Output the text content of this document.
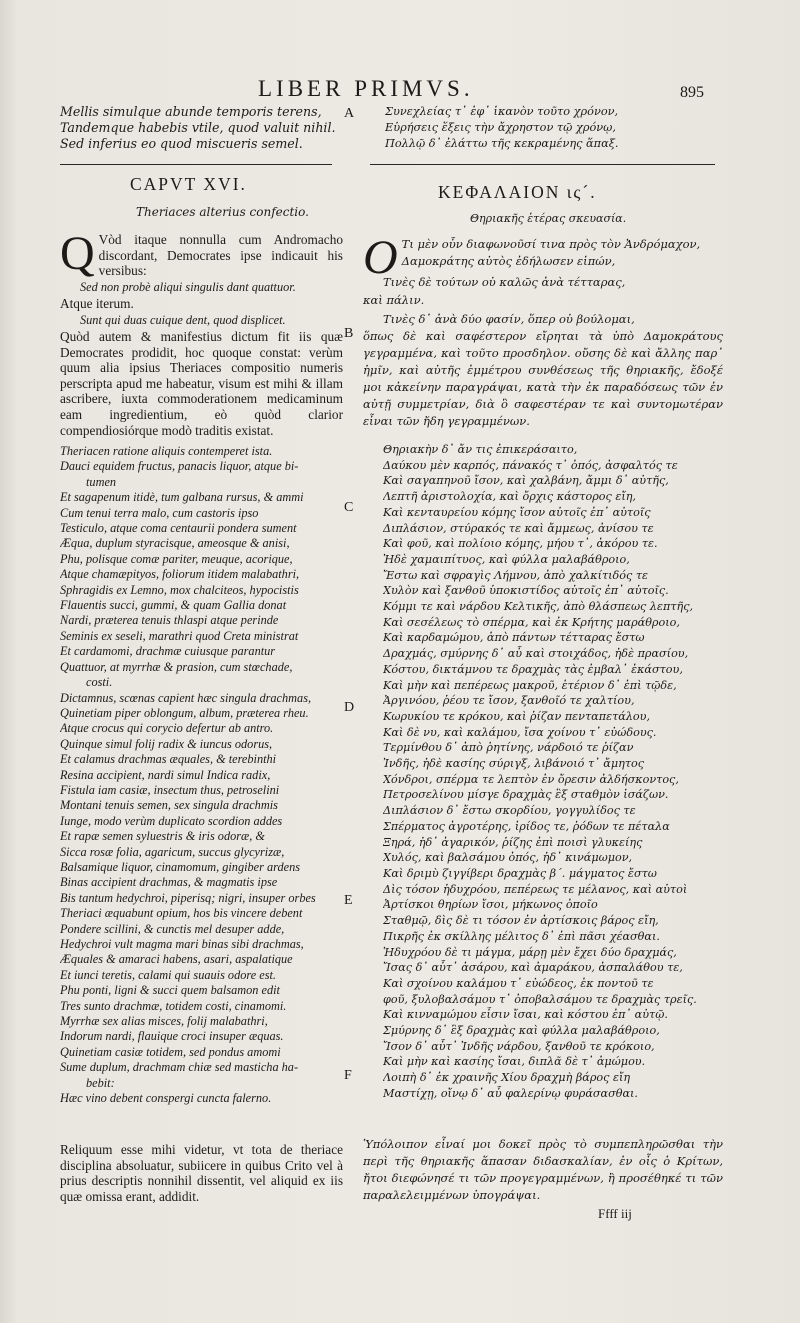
LIBER PRIMVS.	895
Mellis simulque abunde temporis terens,
Tandemque habebis vtile, quod valuit nihil.
Sed inferius eo quod miscueris semel.
Συνεχλείας τ᾽ ἐφ᾽ ἱκανὸν τοῦτο χρόνον,
Εὑρήσεις ἕξεις τὴν ἄχρηστον τῷ χρόνῳ,
Πολλῷ δ᾽ ἐλάττω τῆς κεκραμένης ἅπαξ.
CAPVT XVI.
Theriaces alterius confectio.
Q Vòd itaque nonnulla cum Andromacho discordant, Democrates ipse indicauit his versibus:
Sed non probè aliqui singulis dant quattuor.
Atque iterum.
Sunt qui duas cuique dent, quod displicet.
Quòd autem & manifestius dictum fit iis quæ Democrates prodidit, hoc quoque constat: verùm quum alia ipsius Theriaces compositio numeris perscripta apud me habeatur, visum est mihi & illam ascribere, iuxta commoderationem medicaminum eam ingredientium, eò quòd clarior compendiosiórque modò traditis existat.
Theriacen ratione aliquis contemperet ista.
Dauci equidem fructus, panacis liquor, atque bi-
tumen
Et sagapenum itidè, tum galbana rursus, & ammi
Cum tenui terra malo, cum castoris ipso
Testiculo, atque coma centaurii pondera sument
Æqua, duplum styracisque, ameosque & anisi,
Phu, polisque comæ pariter, meuque, acorique,
Atque chamæpityos, foliorum itidem malabathri,
Sphragidis ex Lemno, mox chalciteos, hypocistis
Flauentis succi, gummi, & quam Gallia donat
Nardi, præterea tenuis thlaspi atque perinde
Seminis ex seseli, marathri quod Creta ministrat
Et cardamomi, drachmæ cuiusque parantur
Quattuor, at myrrhæ & prasion, cum stœchade,
costi.
Dictamnus, scœnas capient hæc singula drachmas,
Quinetiam piper oblongum, album, præterea rheu.
Atque crocus qui corycio defertur ab antro.
Quinque simul folij radix & iuncus odorus,
Et calamus drachmas æquales, & terebinthi
Resina accipient, nardi simul Indica radix,
Fistula iam casiæ, insectum thus, petroselini
Montani tenuis semen, sex singula drachmis
Iunge, modo verùm duplicato scordion addes
Et rapæ semen syluestris & iris odoræ, &
Sicca rosæ folia, agaricum, succus glycyrizæ,
Balsamique liquor, cinamomum, gingiber ardens
Binas accipient drachmas, & magmatis ipse
Bis tantum hedychroi, piperisq; nigri, insuper orbes
Theriaci æquabunt opium, hos bis vincere debent
Pondere scillini, & cunctis mel desuper adde,
Hedychroi vult magma mari binas sibi drachmas,
Æquales & amaraci habens, asari, aspalatique
Et iunci teretis, calami qui suauis odore est.
Phu ponti, ligni & succi quem balsamon edit
Tres sunto drachmæ, totidem costi, cinamomi.
Myrrhæ sex alias misces, folij malabathri,
Indorum nardi, flauique croci insuper æquas.
Quinetiam casiæ totidem, sed pondus amomi
Sume duplum, drachmam chiæ sed masticha ha-
bebit:
Hæc vino debent conspergi cuncta falerno.
Reliquum esse mihi videtur, vt tota de theriace disciplina absoluatur, subiicere in quibus Crito vel à prius descriptis nonnihil dissentit, vel aliquid ex iis quæ omissa erant, addidit.
A
B
C
D
E
F
ΚΕΦΑΛΑΙΟΝ ις´.
Θηριακῆς ἑτέρας σκευασία.
Ο Τι μὲν οὖν διαφωνοῦσί τινα πρὸς τὸν Ἀνδρόμαχον, Δαμοκράτης αὐτὸς ἐδήλωσεν εἰπών,
Τινὲς δὲ τούτων οὐ καλῶς ἀνὰ τέτταρας,
καὶ πάλιν.
Τινὲς δ᾽ ἀνὰ δύο φασίν, ὅπερ οὐ βούλομαι,
ὅπως δὲ καὶ σαφέστερον εἴρηται τὰ ὑπὸ Δαμοκράτους γεγραμμένα, καὶ τοῦτο προσδηλον. οὔσης δὲ καὶ ἄλλης παρ᾽ ἡμῖν, καὶ αὐτῆς ἐμμέτρου συνθέσεως τῆς θηριακῆς, ἔδοξέ μοι κἀκείνην παραγράψαι, κατὰ τὴν ἐκ παραδόσεως τῶν ἐν αὐτῇ συμμετρίαν, διὰ ὃ σαφεστέραν τε καὶ συντομωτέραν εἶναι τῶν ἤδη γεγραμμένων.
Θηριακὴν δ᾽ ἄν τις ἐπικεράσαιτο,
Δαύκου μὲν καρπός, πάνακός τ᾽ ὀπός, ἀσφαλτός τε
Καὶ σαγαπηνοῦ ἴσον, καὶ χαλβάνη, ἄμμι δ᾽ αὐτῆς,
Λεπτῆ ἀριστολοχία, καὶ ὄρχις κάστορος εἴη,
Καὶ κενταυρείου κόμης ἴσον αὐτοῖς ἐπ᾽ αὐτοῖς
Διπλάσιον, στύρακός τε καὶ ἄμμεως, ἀνίσου τε
Καὶ φοῦ, καὶ πολίοιο κόμης, μήου τ᾽, ἀκόρου τε.
Ἠδὲ χαμαιπίτυος, καὶ φύλλα μαλαβάθροιο,
Ἔστω καὶ σφραγὶς Λήμνου, ἀπὸ χαλκίτιδός τε
Χυλὸν καὶ ξανθοῦ ὑποκιστίδος αὐτοῖς ἐπ᾽ αὐτοῖς.
Κόμμι τε καὶ νάρδου Κελτικῆς, ἀπὸ θλάσπεως λεπτῆς,
Καὶ σεσέλεως τὸ σπέρμα, καὶ ἐκ Κρήτης μαράθροιο,
Καὶ καρδαμώμου, ἀπὸ πάντων τέτταρας ἔστω
Δραχμάς, σμύρνης δ᾽ αὖ καὶ στοιχάδος, ἠδὲ πρασίου,
Κόστου, δικτάμνου τε δραχμὰς τὰς ἐμβαλ᾽ ἑκάστου,
Καὶ μὴν καὶ πεπέρεως μακροῦ, ἑτέριον δ᾽ ἐπὶ τῷδε,
Ἀργινόου, ῥέου τε ἴσον, ξανθοῖό τε χαλτίου,
Κωρυκίου τε κρόκου, καὶ ῥίζαν πενταπετάλου,
Καὶ δὲ νυ, καὶ καλάμου, ἴσα χοίνου τ᾽ εὐώδους.
Τερμίνθου δ᾽ ἀπὸ ῥητίνης, νάρδοιό τε ῥίζαν
Ἰνδῆς, ἠδὲ κασίης σύριγξ, λιβάνοιό τ᾽ ἄμητος
Χόνδροι, σπέρμα τε λεπτὸν ἐν ὄρεσιν ἀλδήσκοντος,
Πετροσελίνου μίσγε δραχμὰς ἓξ σταθμὸν ἰσάζων.
Διπλάσιον δ᾽ ἔστω σκορδίου, γογγυλίδος τε
Σπέρματος ἀγροτέρης, ἰρίδος τε, ῥόδων τε πέταλα
Ξηρά, ἠδ᾽ ἀγαρικόν, ῥίζης ἐπὶ ποισὶ γλυκείης
Χυλός, καὶ βαλσάμου ὀπός, ἠδ᾽ κινάμωμον,
Καὶ δριμὺ ζιγγίβερι δραχμὰς β΄. μάγματος ἔστω
Δὶς τόσον ἡδυχρόου, πεπέρεως τε μέλανος, καὶ αὐτοὶ
Ἀρτίσκοι θηρίων ἴσοι, μήκωνος ὀποῖο
Σταθμῷ, δὶς δὲ τι τόσον ἐν ἀρτίσκοις βάρος εἴη,
Πικρῆς ἐκ σκίλλης μέλιτος δ᾽ ἐπὶ πᾶσι χέασθαι.
Ἡδυχρόου δὲ τι μάγμα, μάρῃ μὲν ἔχει δύο δραχμάς,
Ἴσας δ᾽ αὖτ᾽ ἀσάρου, καὶ ἀμαράκου, ἀσπαλάθου τε,
Καὶ σχοίνου καλάμου τ᾽ εὐώδεος, ἐκ ποντοῦ τε
φοῦ, ξυλοβαλσάμου τ᾽ ὀποβαλσάμου τε δραχμὰς τρεῖς.
Καὶ κινναμώμου εἶσιν ἴσαι, καὶ κόστου ἐπ᾽ αὐτῷ.
Σμύρνης δ᾽ ἓξ δραχμὰς καὶ φύλλα μαλαβάθροιο,
Ἴσον δ᾽ αὖτ᾽ Ἰνδῆς νάρδου, ξανθοῦ τε κρόκοιο,
Καὶ μὴν καὶ κασίης ἴσαι, διπλᾶ δὲ τ᾽ ἀμώμου.
Λοιπὴ δ᾽ ἐκ χραινῆς Χίου δραχμὴ βάρος εἴη
Μαστίχῃ, οἴνῳ δ᾽ αὖ φαλερίνῳ φυράσασθαι.
Ὑπόλοιπον εἶναί μοι δοκεῖ πρὸς τὸ συμπεπληρῶσθαι τὴν περὶ τῆς θηριακῆς ἅπασαν διδασκαλίαν, ἐν οἷς ὁ Κρίτων, ἤτοι διεφώνησέ τι τῶν προγεγραμμένων, ἢ προσέθηκέ τι τῶν παραλελειμμένων ὑπογράψαι.
Ffff iij
